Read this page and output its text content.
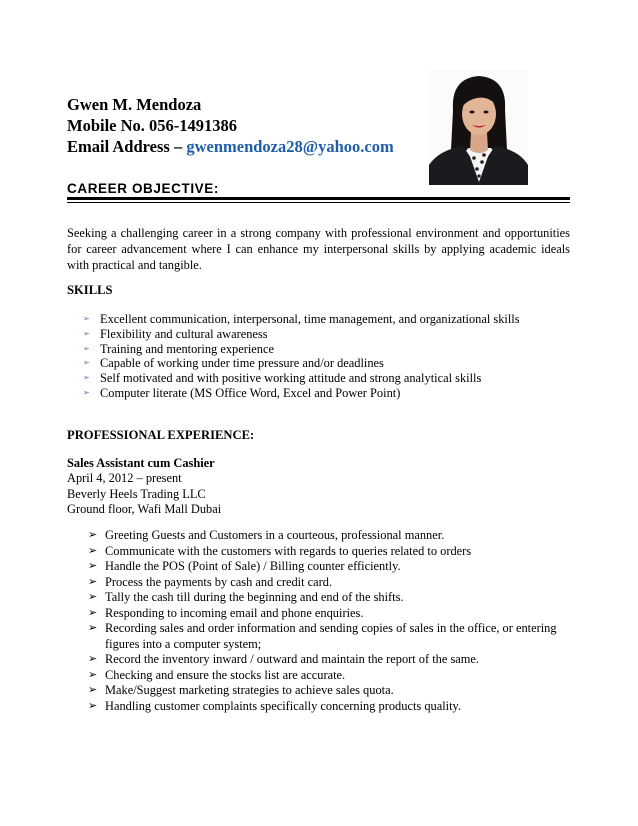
Gwen M. Mendoza
Mobile No. 056-1491386
Email Address – gwenmendoza28@yahoo.com
CAREER OBJECTIVE:
Seeking a challenging career in a strong company with professional environment and opportunities for career advancement where I can enhance my interpersonal skills by applying academic ideals with practical and tangible.
SKILLS
➢ Excellent communication, interpersonal, time management, and organizational skills
➢ Flexibility and cultural awareness
➢ Training and mentoring experience
➢ Capable of working under time pressure and/or deadlines
➢ Self motivated and with positive working attitude and strong analytical skills
➢ Computer literate (MS Office Word, Excel and Power Point)
PROFESSIONAL EXPERIENCE:
Sales Assistant cum Cashier
April 4, 2012 – present
Beverly Heels Trading LLC
Ground floor, Wafi Mall Dubai
➢ Greeting Guests and Customers in a courteous, professional manner.
➢ Communicate with the customers with regards to queries related to orders
➢ Handle the POS (Point of Sale) / Billing counter efficiently.
➢ Process the payments by cash and credit card.
➢ Tally the cash till during the beginning and end of the shifts.
➢ Responding to incoming email and phone enquiries.
➢ Recording sales and order information and sending copies of sales in the office, or entering figures into a computer system;
➢ Record the inventory inward / outward and maintain the report of the same.
➢ Checking and ensure the stocks list are accurate.
➢ Make/Suggest marketing strategies to achieve sales quota.
➢ Handling customer complaints specifically concerning products quality.
